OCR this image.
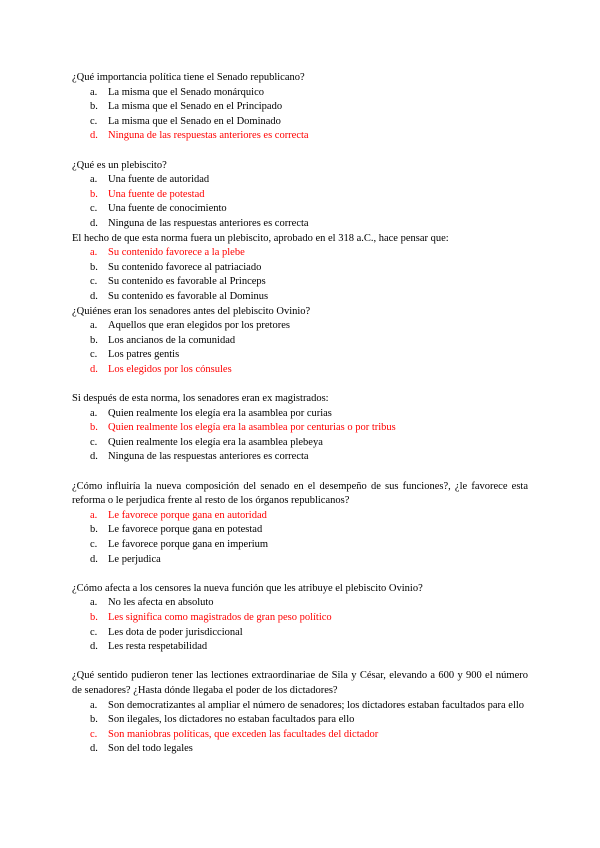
¿Qué importancia política tiene el Senado republicano?

a. La misma que el Senado monárquico
b. La misma que el Senado en el Principado
c. La misma que el Senado en el Dominado
d. Ninguna de las respuestas anteriores es correcta

¿Qué es un plebiscito?

a. Una fuente de autoridad
b. Una fuente de potestad
c. Una fuente de conocimiento
d. Ninguna de las respuestas anteriores es correcta

El hecho de que esta norma fuera un plebiscito, aprobado en el 318 a.C., hace pensar que:

a. Su contenido favorece a la plebe
b. Su contenido favorece al patriaciado
c. Su contenido es favorable al Princeps
d. Su contenido es favorable al Dominus

¿Quiénes eran los senadores antes del plebiscito Ovinio?

a. Aquellos que eran elegidos por los pretores
b. Los ancianos de la comunidad
c. Los patres gentis
d. Los elegidos por los cónsules

Si después de esta norma, los senadores eran ex magistrados:

a. Quien realmente los elegía era la asamblea por curias
b. Quien realmente los elegía era la asamblea por centurias o por tribus
c. Quien realmente los elegía era la asamblea plebeya
d. Ninguna de las respuestas anteriores es correcta

¿Cómo influiría la nueva composición del senado en el desempeño de sus funciones?, ¿le favorece esta reforma o le perjudica frente al resto de los órganos republicanos?

a. Le favorece porque gana en autoridad
b. Le favorece porque gana en potestad
c. Le favorece porque gana en imperium
d. Le perjudica

¿Cómo afecta a los censores la nueva función que les atribuye el plebiscito Ovinio?

a. No les afecta en absoluto
b. Les significa como magistrados de gran peso político
c. Les dota de poder jurisdiccional
d. Les resta respetabilidad

¿Qué sentido pudieron tener las lectiones extraordinariae de Sila y César, elevando a 600 y 900 el número de senadores? ¿Hasta dónde llegaba el poder de los dictadores?

a. Son democratizantes al ampliar el número de senadores; los dictadores estaban facultados para ello
b. Son ilegales, los dictadores no estaban facultados para ello
c. Son maniobras políticas, que exceden las facultades del dictador
d. Son del todo legales
